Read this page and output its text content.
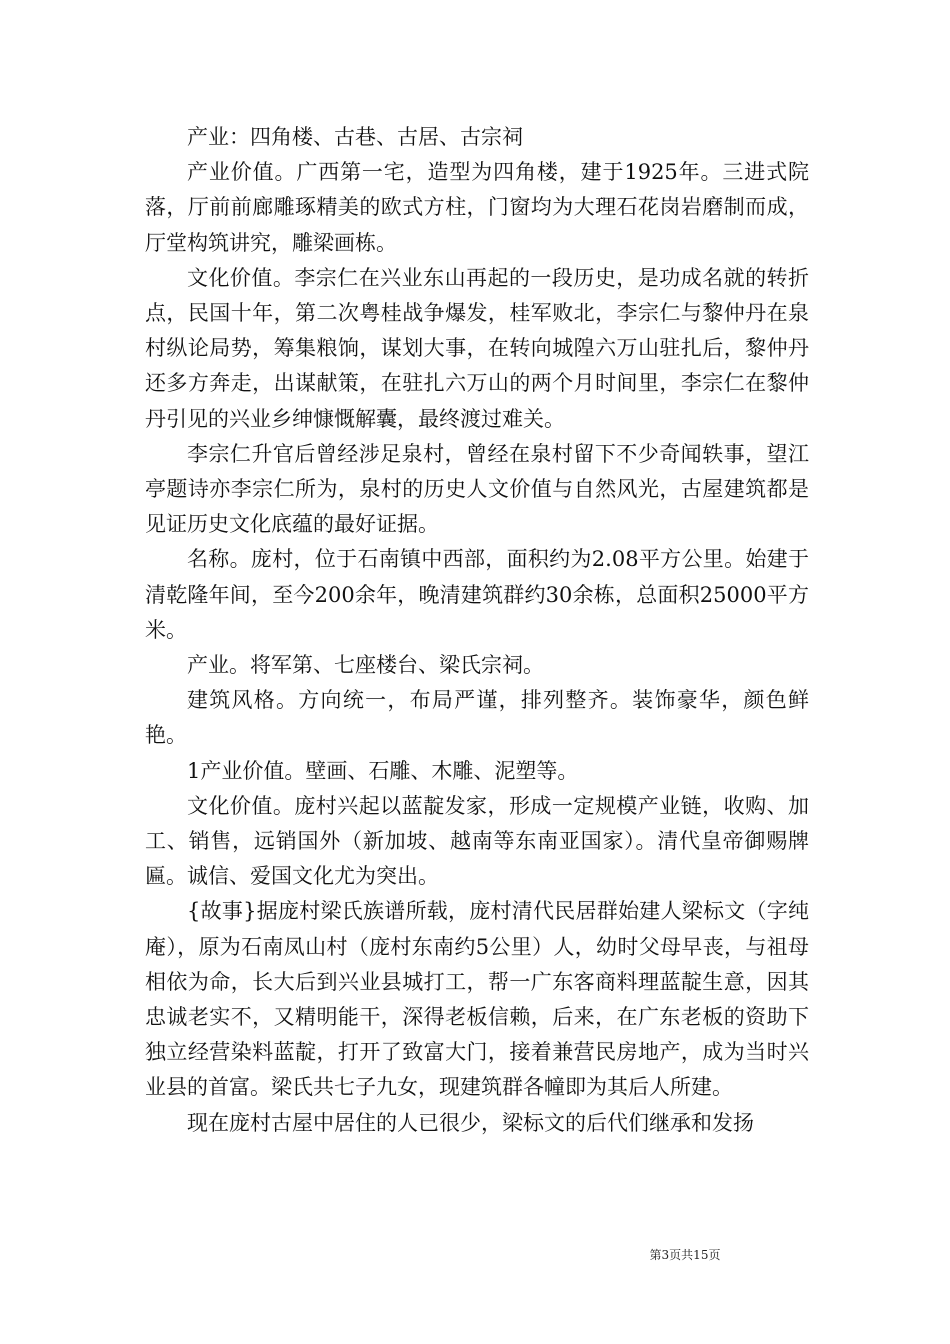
产业：四角楼、古巷、古居、古宗祠

产业价值。广西第一宅，造型为四角楼，建于1925年。三进式院落，厅前前廊雕琢精美的欧式方柱，门窗均为大理石花岗岩磨制而成，厅堂构筑讲究，雕梁画栋。

文化价值。李宗仁在兴业东山再起的一段历史，是功成名就的转折点，民国十年，第二次粤桂战争爆发，桂军败北，李宗仁与黎仲丹在泉村纵论局势，筹集粮饷，谋划大事，在转向城隍六万山驻扎后，黎仲丹还多方奔走，出谋献策，在驻扎六万山的两个月时间里，李宗仁在黎仲丹引见的兴业乡绅慷慨解囊，最终渡过难关。

李宗仁升官后曾经涉足泉村，曾经在泉村留下不少奇闻轶事，望江亭题诗亦李宗仁所为，泉村的历史人文价值与自然风光，古屋建筑都是见证历史文化底蕴的最好证据。

名称。庞村，位于石南镇中西部，面积约为2.08平方公里。始建于清乾隆年间，至今200余年，晚清建筑群约30余栋，总面积25000平方米。

产业。将军第、七座楼台、梁氏宗祠。

建筑风格。方向统一，布局严谨，排列整齐。装饰豪华，颜色鲜艳。

1产业价值。壁画、石雕、木雕、泥塑等。

文化价值。庞村兴起以蓝靛发家，形成一定规模产业链，收购、加工、销售，远销国外（新加坡、越南等东南亚国家）。清代皇帝御赐牌匾。诚信、爱国文化尤为突出。

{故事}据庞村梁氏族谱所载，庞村清代民居群始建人梁标文（字纯庵），原为石南凤山村（庞村东南约5公里）人，幼时父母早丧，与祖母相依为命，长大后到兴业县城打工，帮一广东客商料理蓝靛生意，因其忠诚老实不，又精明能干，深得老板信赖，后来，在广东老板的资助下独立经营染料蓝靛，打开了致富大门，接着兼营民房地产，成为当时兴业县的首富。梁氏共七子九女，现建筑群各幢即为其后人所建。

现在庞村古屋中居住的人已很少，梁标文的后代们继承和发扬

第3页共15页
